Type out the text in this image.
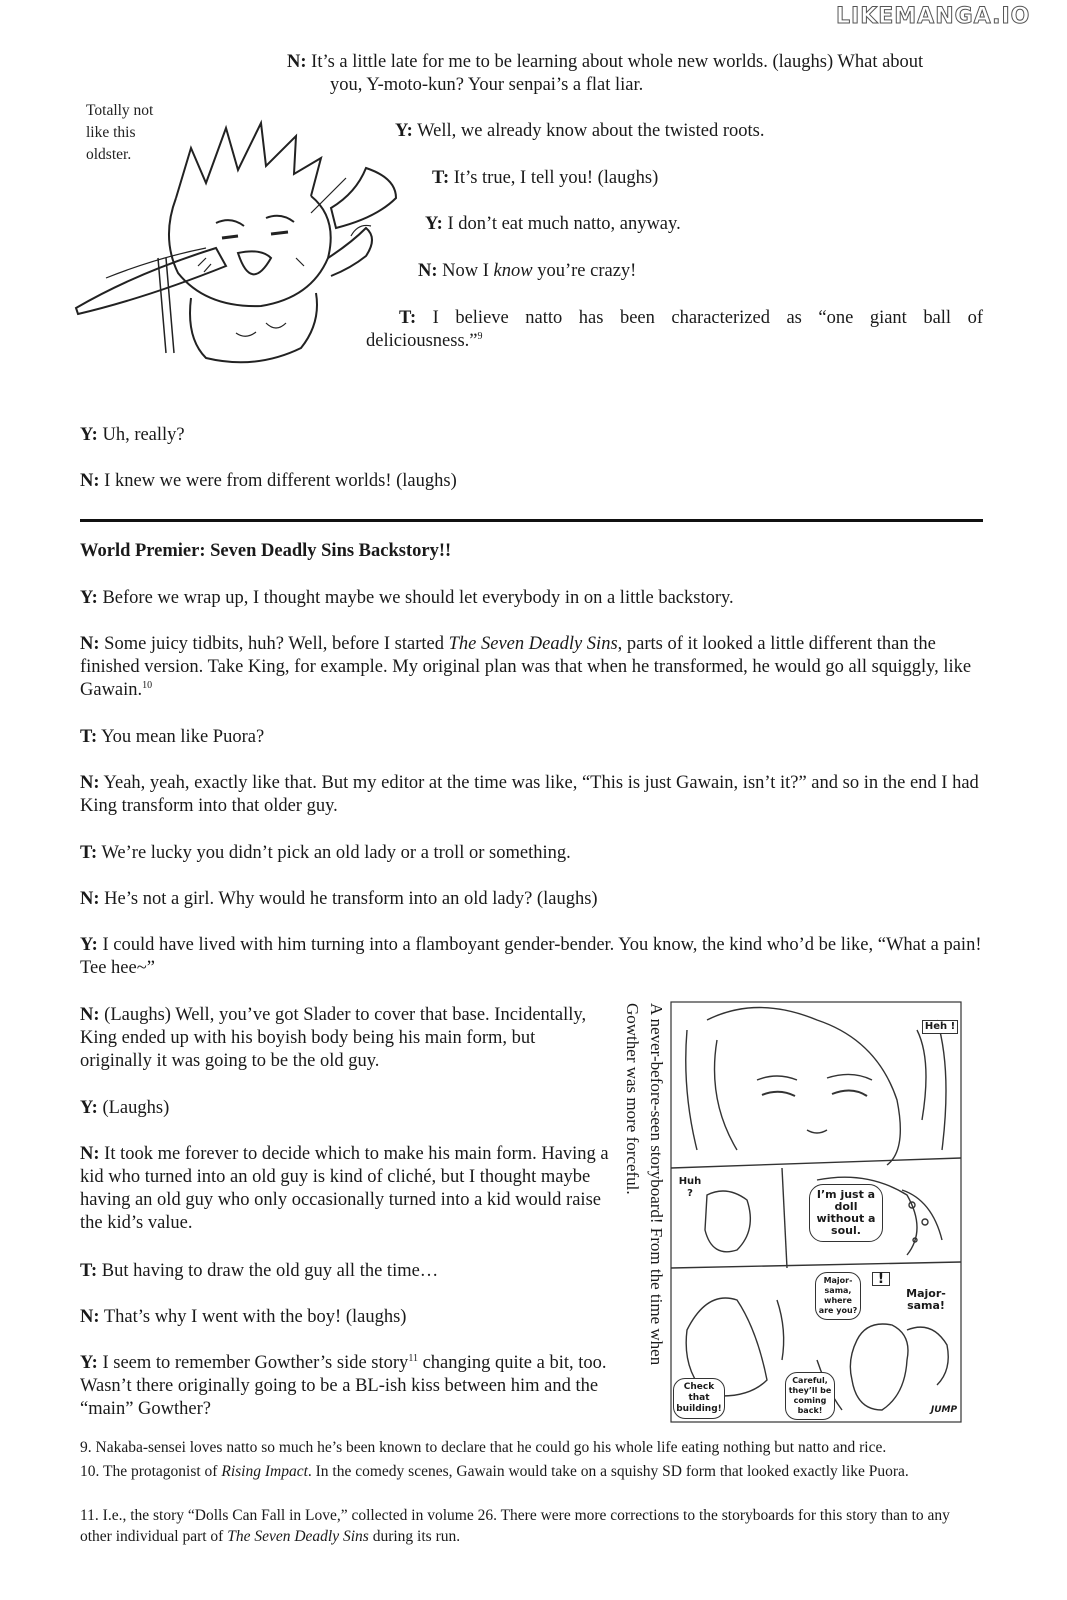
LIKEMANGA.IO
Totally not
like this
oldster.
N: It’s a little late for me to be learning about whole new worlds. (laughs) What about
you, Y-moto-kun? Your senpai’s a flat liar.
Y: Well, we already know about the twisted roots.
T: It’s true, I tell you! (laughs)
Y: I don’t eat much natto, anyway.
N: Now I know you’re crazy!
T: I believe natto has been characterized as “one giant ball of
deliciousness.”$^9$
Y: Uh, really?
N: I knew we were from different worlds! (laughs)
World Premier: Seven Deadly Sins Backstory!!
Y: Before we wrap up, I thought maybe we should let everybody in on a little backstory.
N: Some juicy tidbits, huh? Well, before I started The Seven Deadly Sins, parts of it looked a little different than the finished version. Take King, for example. My original plan was that when he transformed, he would go all squiggly, like Gawain.$^{10}$
T: You mean like Puora?
N: Yeah, yeah, exactly like that. But my editor at the time was like, “This is just Gawain, isn’t it?” and so in the end I had King transform into that older guy.
T: We’re lucky you didn’t pick an old lady or a troll or something.
N: He’s not a girl. Why would he transform into an old lady? (laughs)
Y: I could have lived with him turning into a flamboyant gender-bender. You know, the kind who’d be like, “What a pain! Tee hee~”
N: (Laughs) Well, you’ve got Slader to cover that base. Incidentally, King ended up with his boyish body being his main form, but originally it was going to be the old guy.
Y: (Laughs)
N: It took me forever to decide which to make his main form. Having a kid who turned into an old guy is kind of cliché, but I thought maybe having an old guy who only occasionally turned into a kid would raise the kid’s value.
T: But having to draw the old guy all the time…
N: That’s why I went with the boy! (laughs)
Y: I seem to remember Gowther’s side story$^{11}$ changing quite a bit, too. Wasn’t there originally going to be a BL-ish kiss between him and the “main” Gowther?
A never-before-seen storyboard! From the time when Gowther was more forceful.	Heh !
Huh ?	I’m just a doll without a soul.
Major-sama, where are you?
!
Major-sama!
Check that building!
Careful, they’ll be coming back!	JUMP
9. Nakaba-sensei loves natto so much he’s been known to declare that he could go his whole life eating nothing but natto and rice.
10. The protagonist of Rising Impact. In the comedy scenes, Gawain would take on a squishy SD form that looked exactly like Puora.
11. I.e., the story “Dolls Can Fall in Love,” collected in volume 26. There were more corrections to the storyboards for this story than to any other individual part of The Seven Deadly Sins during its run.
